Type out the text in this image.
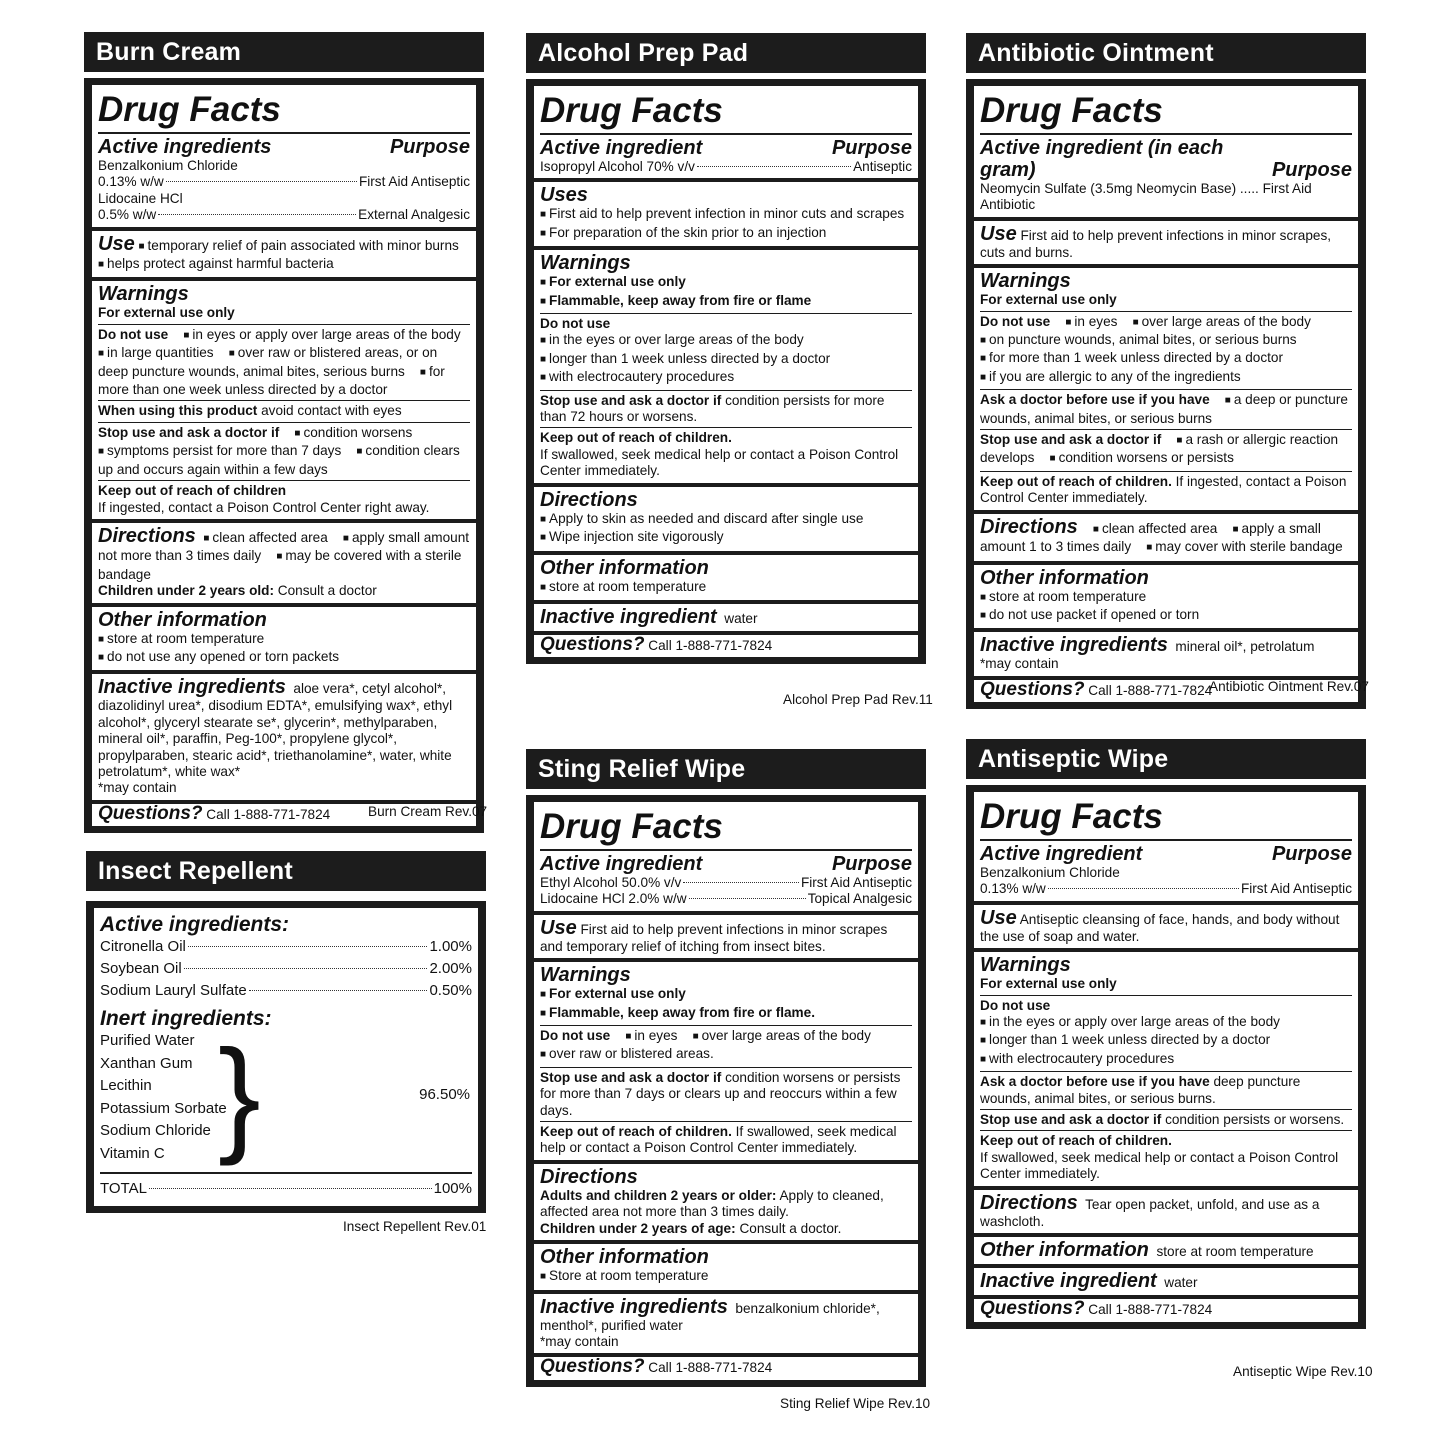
Burn Cream
Drug Facts
Active ingredients	Purpose
Benzalkonium Chloride
0.13% w/w	First Aid Antiseptic
Lidocaine HCl
0.5% w/w	External Analgesic
Use ■ temporary relief of pain associated with minor burns
■ helps protect against harmful bacteria
Warnings
For external use only
Do not use ■ in eyes or apply over large areas of the body
■ in large quantities ■ over raw or blistered areas, or on deep puncture wounds, animal bites, serious burns ■ for more than one week unless directed by a doctor
When using this product avoid contact with eyes
Stop use and ask a doctor if ■ condition worsens    ■ symptoms persist for more than 7 days ■ condition clears up and occurs again within a few days
Keep out of reach of children
If ingested, contact a Poison Control Center right away.
Directions ■ clean affected area ■ apply small amount not more than 3 times daily ■ may be covered with a sterile bandage
Children under 2 years old: Consult a doctor
Other information
■ store at room temperature
■ do not use any opened or torn packets
Inactive ingredients aloe vera*, cetyl alcohol*, diazolidinyl urea*, disodium EDTA*, emulsifying wax*, ethyl alcohol*, glyceryl stearate se*, glycerin*, methylparaben, mineral oil*, paraffin, Peg-100*, propylene glycol*, propylparaben, stearic acid*, triethanolamine*, water, white petrolatum*, white wax*
*may contain
Questions? Call 1-888-771-7824	Burn Cream Rev.07
Insect Repellent
Active ingredients:
Citronella Oil	1.00%
Soybean Oil	2.00%
Sodium Lauryl Sulfate	0.50%
Inert ingredients:
Purified Water
Xanthan Gum
Lecithin
Potassium Sorbate
Sodium Chloride
Vitamin C }	96.50%
TOTAL	100%
Insect Repellent Rev.01
Alcohol Prep Pad
Drug Facts
Active ingredient	Purpose
Isopropyl Alcohol 70% v/v	Antiseptic
Uses
■ First aid to help prevent infection in minor cuts and scrapes
■ For preparation of the skin prior to an injection
Warnings
■ For external use only
■ Flammable, keep away from fire or flame
Do not use
■ in the eyes or over large areas of the body
■ longer than 1 week unless directed by a doctor
■ with electrocautery procedures
Stop use and ask a doctor if condition persists for more than 72 hours or worsens.
Keep out of reach of children.
If swallowed, seek medical help or contact a Poison Control Center immediately.
Directions
■ Apply to skin as needed and discard after single use
■ Wipe injection site vigorously
Other information
■ store at room temperature
Inactive ingredient water
Questions? Call 1-888-771-7824
Alcohol Prep Pad Rev.11
Sting Relief Wipe
Drug Facts
Active ingredient	Purpose
Ethyl Alcohol 50.0% v/v	First Aid Antiseptic
Lidocaine HCl 2.0% w/w	Topical Analgesic
Use First aid to help prevent infections in minor scrapes and temporary relief of itching from insect bites.
Warnings
■ For external use only
■ Flammable, keep away from fire or flame.
Do not use ■ in eyes ■ over large areas of the body
■ over raw or blistered areas.
Stop use and ask a doctor if condition worsens or persists for more than 7 days or clears up and reoccurs within a few days.
Keep out of reach of children. If swallowed, seek medical help or contact a Poison Control Center immediately.
Directions
Adults and children 2 years or older: Apply to cleaned, affected area not more than 3 times daily.
Children under 2 years of age: Consult a doctor.
Other information
■ Store at room temperature
Inactive ingredients benzalkonium chloride*, menthol*, purified water
*may contain
Questions? Call 1-888-771-7824
Sting Relief Wipe Rev.10
Antibiotic Ointment
Drug Facts
Active ingredient (in each gram)	Purpose
Neomycin Sulfate (3.5mg Neomycin Base) ..... First Aid Antibiotic
Use First aid to help prevent infections in minor scrapes, cuts and burns.
Warnings
For external use only
Do not use ■ in eyes ■ over large areas of the body
■ on puncture wounds, animal bites, or serious burns
■ for more than 1 week unless directed by a doctor
■ if you are allergic to any of the ingredients
Ask a doctor before use if you have ■ a deep or puncture wounds, animal bites, or serious burns
Stop use and ask a doctor if ■ a rash or allergic reaction develops ■ condition worsens or persists
Keep out of reach of children. If ingested, contact a Poison Control Center immediately.
Directions ■ clean affected area ■ apply a small amount 1 to 3 times daily ■ may cover with sterile bandage
Other information
■ store at room temperature
■ do not use packet if opened or torn
Inactive ingredients mineral oil*, petrolatum
*may contain
Questions? Call 1-888-771-7824
Antibiotic Ointment Rev.07
Antiseptic Wipe
Drug Facts
Active ingredient	Purpose
Benzalkonium Chloride
0.13% w/w	First Aid Antiseptic
Use Antiseptic cleansing of face, hands, and body without the use of soap and water.
Warnings
For external use only
Do not use
■ in the eyes or apply over large areas of the body
■ longer than 1 week unless directed by a doctor
■ with electrocautery procedures
Ask a doctor before use if you have deep puncture wounds, animal bites, or serious burns.
Stop use and ask a doctor if condition persists or worsens.
Keep out of reach of children.
If swallowed, seek medical help or contact a Poison Control Center immediately.
Directions Tear open packet, unfold, and use as a washcloth.
Other information store at room temperature
Inactive ingredient water
Questions? Call 1-888-771-7824
Antiseptic Wipe Rev.10
